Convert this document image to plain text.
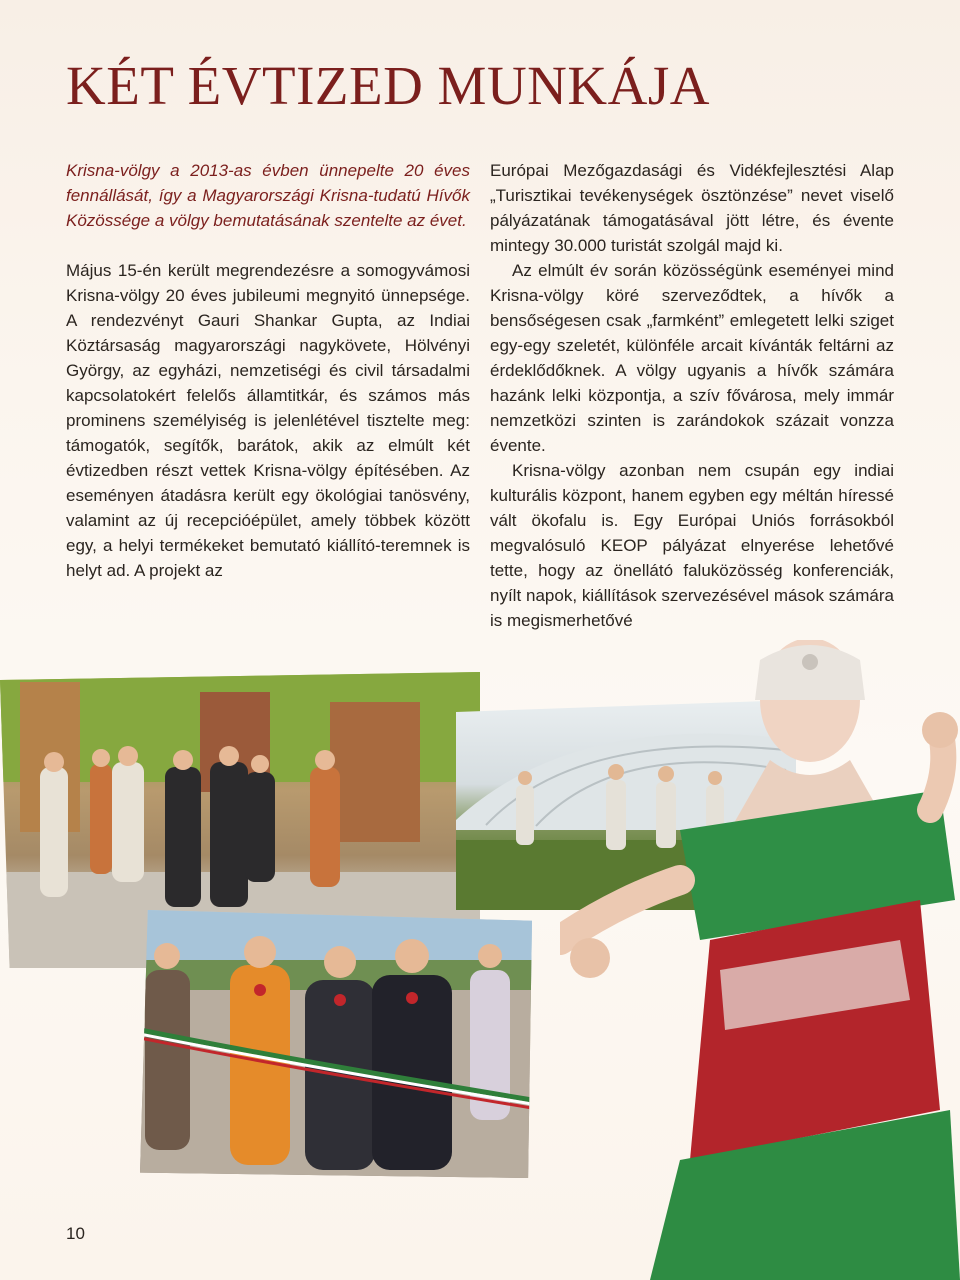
KÉT ÉVTIZED MUNKÁJA

Krisna-völgy a 2013-as évben ünnepelte 20 éves fennállását, így a Magyarországi Krisna-tudatú Hívők Közössége a völgy bemutatásának szentelte az évet.

Május 15-én került megrendezésre a somogyvámosi Krisna-völgy 20 éves jubileumi megnyitó ünnepsége. A rendezvényt Gauri Shankar Gupta, az Indiai Köztársaság magyarországi nagykövete, Hölvényi György, az egyházi, nemzetiségi és civil társadalmi kapcsolatokért felelős államtitkár, és számos más prominens személyiség is jelenlétével tisztelte meg: támogatók, segítők, barátok, akik az elmúlt két évtizedben részt vettek Krisna-völgy építésében. Az eseményen átadásra került egy ökológiai tanösvény, valamint az új recepcióépület, amely többek között egy, a helyi termékeket bemutató kiállító-teremnek is helyt ad. A projekt az

Európai Mezőgazdasági és Vidékfejlesztési Alap „Turisztikai tevékenységek ösztönzése” nevet viselő pályázatának támogatásával jött létre, és évente mintegy 30.000 turistát szolgál majd ki.

Az elmúlt év során közösségünk eseményei mind Krisna-völgy köré szerveződtek, a hívők a bensőségesen csak „farmként” emlegetett lelki sziget egy-egy szeletét, különféle arcait kívánták feltárni az érdeklődőknek. A völgy ugyanis a hívők számára hazánk lelki központja, a szív fővárosa, mely immár nemzetközi szinten is zarándokok százait vonzza évente.

Krisna-völgy azonban nem csupán egy indiai kulturális központ, hanem egyben egy méltán híressé vált ökofalu is. Egy Európai Uniós forrásokból megvalósuló KEOP pályázat elnyerése lehetővé tette, hogy az önellátó faluközösség konferenciák, nyílt napok, kiállítások szervezésével mások számára is megismerhetővé

10
